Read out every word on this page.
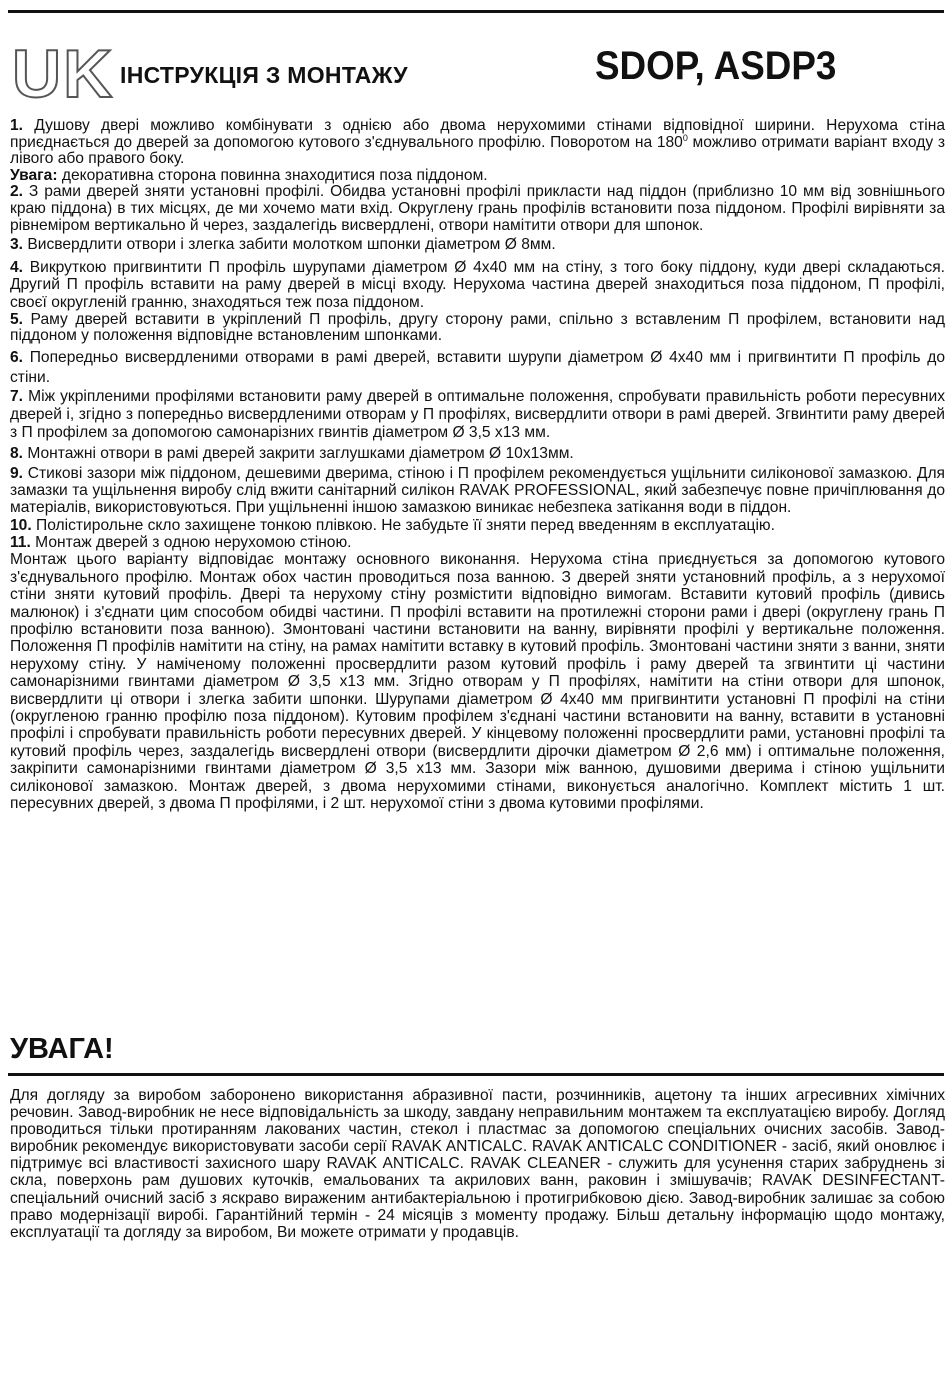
UK ІНСТРУКЦІЯ З МОНТАЖУ	SDOP, ASDP3

1. Душову двері можливо комбінувати з однією або двома нерухомими стінами відповідної ширини. Нерухома стіна приєднається до дверей за допомогою кутового з'єднувального профілю. Поворотом на $180^0$ можливо отримати варіант входу з лівого або правого боку.

Увага: декоративна сторона повинна знаходитися поза піддоном.

2. З рами дверей зняти установні профілі. Обидва установні профілі прикласти над піддон (приблизно 10 мм від зовнішнього краю піддона) в тих місцях, де ми хочемо мати вхід. Округлену грань профілів встановити поза піддоном. Профілі вирівняти за рівнеміром вертикально й через, заздалегідь висвердлені, отвори намітити отвори для шпонок.

3. Висвердлити отвори і злегка забити молотком шпонки діаметром Ø 8мм.

4. Викруткою пригвинтити П профіль шурупами діаметром Ø 4x40 мм на стіну, з того боку піддону, куди двері складаються. Другий П профіль вставити на раму дверей в місці входу. Нерухома частина дверей знаходиться поза піддоном, П профілі, своєї округленій гранню, знаходяться теж поза піддоном.

5. Раму дверей вставити в укріплений П профіль, другу сторону рами, спільно з вставленим П профілем, встановити над піддоном у положення відповідне встановленим шпонками.

6. Попередньо висвердленими отворами в рамі дверей, вставити шурупи діаметром Ø 4x40 мм і пригвинтити П профіль до стіни.

7. Між укріпленими профілями встановити раму дверей в оптимальне положення, спробувати правильність роботи пересувних дверей і, згідно з попередньо висвердленими отворам у П профілях, висвердлити отвори в рамі дверей. Згвинтити раму дверей з П профілем за допомогою самонарізних гвинтів діаметром Ø 3,5 x13 мм.

8. Монтажні отвори в рамі дверей закрити заглушками діаметром Ø 10x13мм.

9. Стикові зазори між піддоном, дешевими дверима, стіною і П профілем рекомендується ущільнити силіконової замазкою. Для замазки та ущільнення виробу слід вжити санітарний силікон RAVAK PROFESSIONAL, який забезпечує повне причіплювання до матеріалів, використовуються. При ущільненні іншою замазкою виникає небезпека затікання води в піддон.

10. Полістирольне скло захищене тонкою плівкою. Не забудьте її зняти перед введенням в експлуатацію.

11. Монтаж дверей з одною нерухомою стіною.

Монтаж цього варіанту відповідає монтажу основного виконання. Нерухома стіна приєднується за допомогою кутового з'єднувального профілю. Монтаж обох частин проводиться поза ванною. З дверей зняти установний профіль, а з нерухомої стіни зняти кутовий профіль. Двері та нерухому стіну розмістити відповідно вимогам. Вставити кутовий профіль (дивись малюнок) і з'єднати цим способом обидві частини. П профілі вставити на протилежні сторони рами і двері (округлену грань П профілю встановити поза ванною). Змонтовані частини встановити на ванну, вирівняти профілі у вертикальне положення. Положення П профілів намітити на стіну, на рамах намітити вставку в кутовий профіль. Змонтовані частини зняти з ванни, зняти нерухому стіну. У наміченому положенні просвердлити разом кутовий профіль і раму дверей та згвинтити ці частини самонарізними гвинтами діаметром Ø 3,5 x13 мм. Згідно отворам у П профілях, намітити на стіни отвори для шпонок, висвердлити ці отвори і злегка забити шпонки. Шурупами діаметром Ø 4x40 мм пригвинтити установні П профілі на стіни (округленою гранню профілю поза піддоном). Кутовим профілем з'єднані частини встановити на ванну, вставити в установні профілі і спробувати правильність роботи пересувних дверей. У кінцевому положенні просвердлити рами, установні профілі та кутовий профіль через, заздалегідь висвердлені отвори (висвердлити дірочки діаметром Ø 2,6 мм) і оптимальне положення, закріпити самонарізними гвинтами діаметром Ø 3,5 x13 мм. Зазори між ванною, душовими дверима і стіною ущільнити силіконової замазкою. Монтаж дверей, з двома нерухомими стінами, виконується аналогічно. Комплект містить 1 шт. пересувних дверей, з двома П профілями, і 2 шт. нерухомої стіни з двома кутовими профілями.

УВАГА!

Для догляду за виробом заборонено використання абразивної пасти, розчинників, ацетону та інших агресивних хімічних речовин. Завод-виробник не несе відповідальність за шкоду, завдану неправильним монтажем та експлуатацією виробу. Догляд проводиться тільки протиранням лакованих частин, стекол і пластмас за допомогою спеціальних очисних засобів. Завод-виробник рекомендує використовувати засоби серії RAVAK ANTICALC. RAVAK ANTICALC CONDITIONER - засіб, який оновлює і підтримує всі властивості захисного шару RAVAK ANTICALC. RAVAK CLEANER - служить для усунення старих забруднень зі скла, поверхонь рам душових куточків, емальованих та акрилових ванн, раковин і змішувачів; RAVAK DESINFECTANT-спеціальний очисний засіб з яскраво вираженим антибактеріальною і протигрибковою дією. Завод-виробник залишає за собою право модернізації виробі. Гарантійний термін - 24 місяців з моменту продажу. Більш детальну інформацію щодо монтажу, експлуатації та догляду за виробом, Ви можете отримати у продавців.
